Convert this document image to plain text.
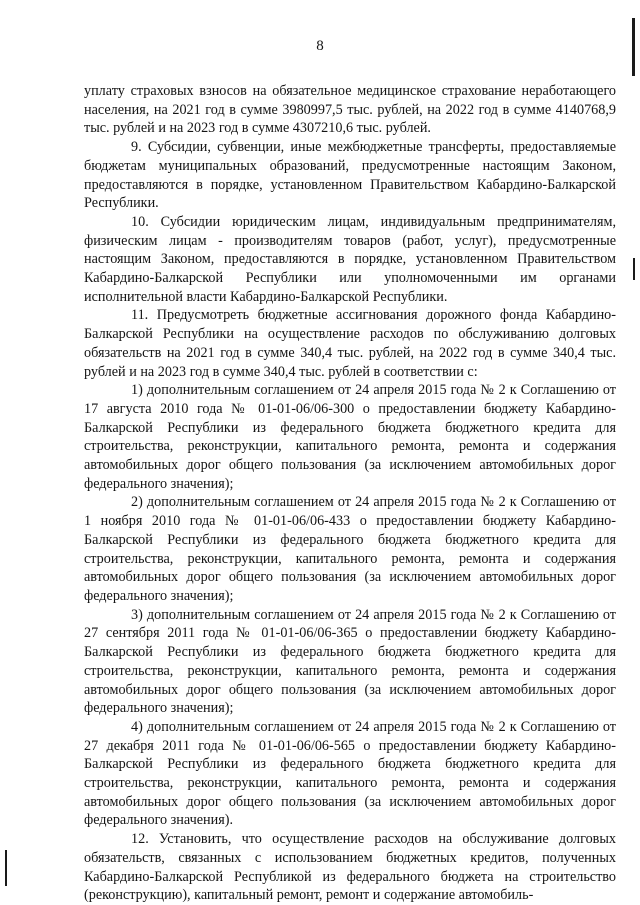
8

уплату страховых взносов на обязательное медицинское страхование неработающего населения, на 2021 год в сумме 3980997,5 тыс. рублей, на 2022 год в сумме 4140768,9 тыс. рублей и на 2023 год в сумме 4307210,6 тыс. рублей.

9. Субсидии, субвенции, иные межбюджетные трансферты, предоставляемые бюджетам муниципальных образований, предусмотренные настоящим Законом, предоставляются в порядке, установленном Правительством Кабардино-Балкарской Республики.

10. Субсидии юридическим лицам, индивидуальным предпринимателям, физическим лицам - производителям товаров (работ, услуг), предусмотренные настоящим Законом, предоставляются в порядке, установленном Правительством Кабардино-Балкарской Республики или уполномоченными им органами исполнительной власти Кабардино-Балкарской Республики.

11. Предусмотреть бюджетные ассигнования дорожного фонда Кабардино-Балкарской Республики на осуществление расходов по обслуживанию долговых обязательств на 2021 год в сумме 340,4 тыс. рублей, на 2022 год в сумме 340,4 тыс. рублей и на 2023 год в сумме 340,4 тыс. рублей в соответствии с:

1) дополнительным соглашением от 24 апреля 2015 года № 2 к Соглашению от 17 августа 2010 года № 01-01-06/06-300 о предоставлении бюджету Кабардино-Балкарской Республики из федерального бюджета бюджетного кредита для строительства, реконструкции, капитального ремонта, ремонта и содержания автомобильных дорог общего пользования (за исключением автомобильных дорог федерального значения);

2) дополнительным соглашением от 24 апреля 2015 года № 2 к Соглашению от 1 ноября 2010 года № 01-01-06/06-433 о предоставлении бюджету Кабардино-Балкарской Республики из федерального бюджета бюджетного кредита для строительства, реконструкции, капитального ремонта, ремонта и содержания автомобильных дорог общего пользования (за исключением автомобильных дорог федерального значения);

3) дополнительным соглашением от 24 апреля 2015 года № 2 к Соглашению от 27 сентября 2011 года № 01-01-06/06-365 о предоставлении бюджету Кабардино-Балкарской Республики из федерального бюджета бюджетного кредита для строительства, реконструкции, капитального ремонта, ремонта и содержания автомобильных дорог общего пользования (за исключением автомобильных дорог федерального значения);

4) дополнительным соглашением от 24 апреля 2015 года № 2 к Соглашению от 27 декабря 2011 года № 01-01-06/06-565 о предоставлении бюджету Кабардино-Балкарской Республики из федерального бюджета бюджетного кредита для строительства, реконструкции, капитального ремонта, ремонта и содержания автомобильных дорог общего пользования (за исключением автомобильных дорог федерального значения).

12. Установить, что осуществление расходов на обслуживание долговых обязательств, связанных с использованием бюджетных кредитов, полученных Кабардино-Балкарской Республикой из федерального бюджета на строительство (реконструкцию), капитальный ремонт, ремонт и содержание автомобиль-
